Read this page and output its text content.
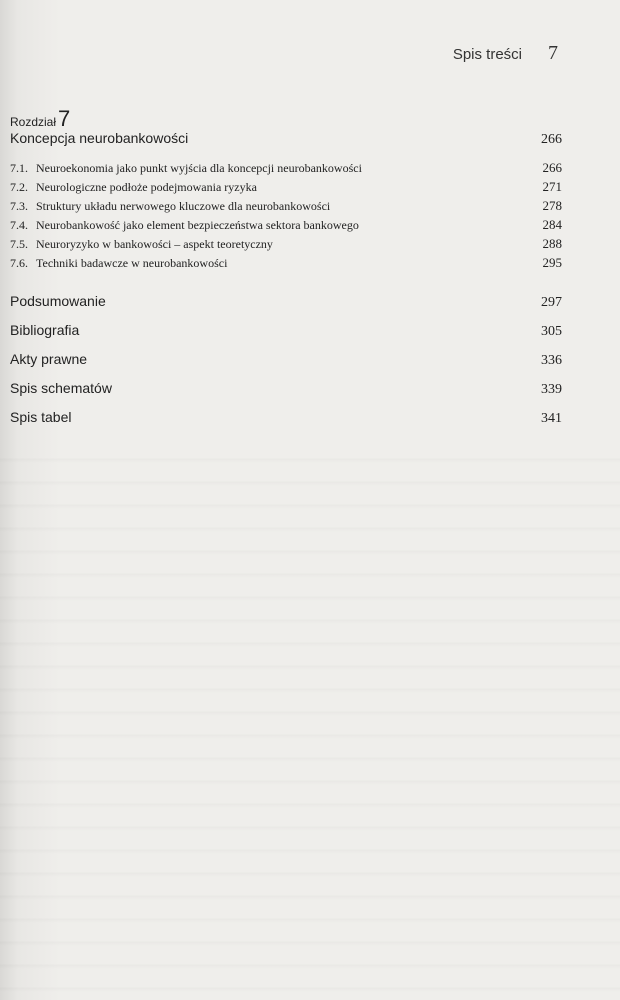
Spis treści 7
Rozdział 7
Koncepcja neurobankowości	266
7.1. Neuroekonomia jako punkt wyjścia dla koncepcji neurobankowości	266
7.2. Neurologiczne podłoże podejmowania ryzyka	271
7.3. Struktury układu nerwowego kluczowe dla neurobankowości	278
7.4. Neurobankowość jako element bezpieczeństwa sektora bankowego	284
7.5. Neuroryzyko w bankowości – aspekt teoretyczny	288
7.6. Techniki badawcze w neurobankowości	295
Podsumowanie	297
Bibliografia	305
Akty prawne	336
Spis schematów	339
Spis tabel	341
